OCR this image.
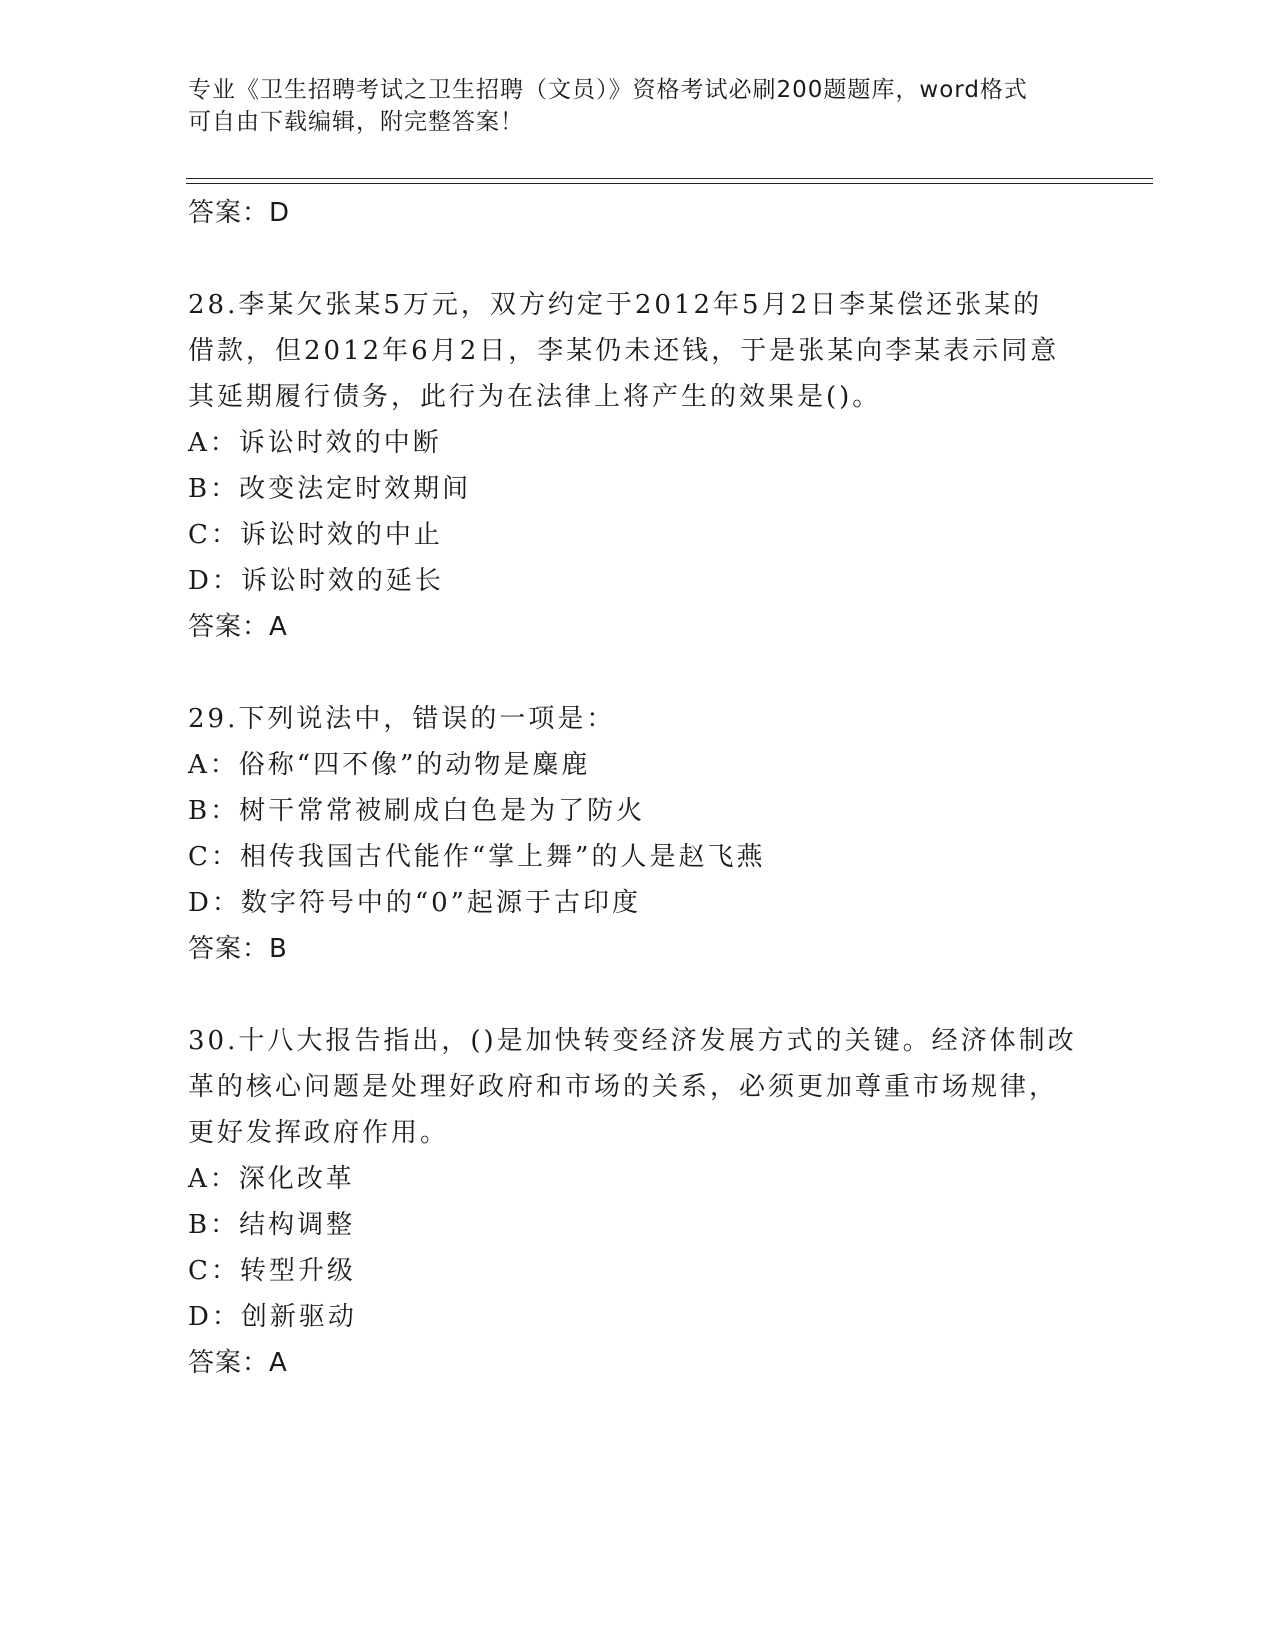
专业《卫生招聘考试之卫生招聘（文员）》资格考试必刷200题题库，word格式
可自由下载编辑，附完整答案！
答案：D
28.李某欠张某5万元，双方约定于2012年5月2日李某偿还张某的
借款，但2012年6月2日，李某仍未还钱，于是张某向李某表示同意
其延期履行债务，此行为在法律上将产生的效果是()。
A：诉讼时效的中断
B：改变法定时效期间
C：诉讼时效的中止
D：诉讼时效的延长
答案：A
29.下列说法中，错误的一项是：
A：俗称“四不像”的动物是麋鹿
B：树干常常被刷成白色是为了防火
C：相传我国古代能作“掌上舞”的人是赵飞燕
D：数字符号中的“0”起源于古印度
答案：B
30.十八大报告指出，()是加快转变经济发展方式的关键。经济体制改
革的核心问题是处理好政府和市场的关系，必须更加尊重市场规律，
更好发挥政府作用。
A：深化改革
B：结构调整
C：转型升级
D：创新驱动
答案：A
